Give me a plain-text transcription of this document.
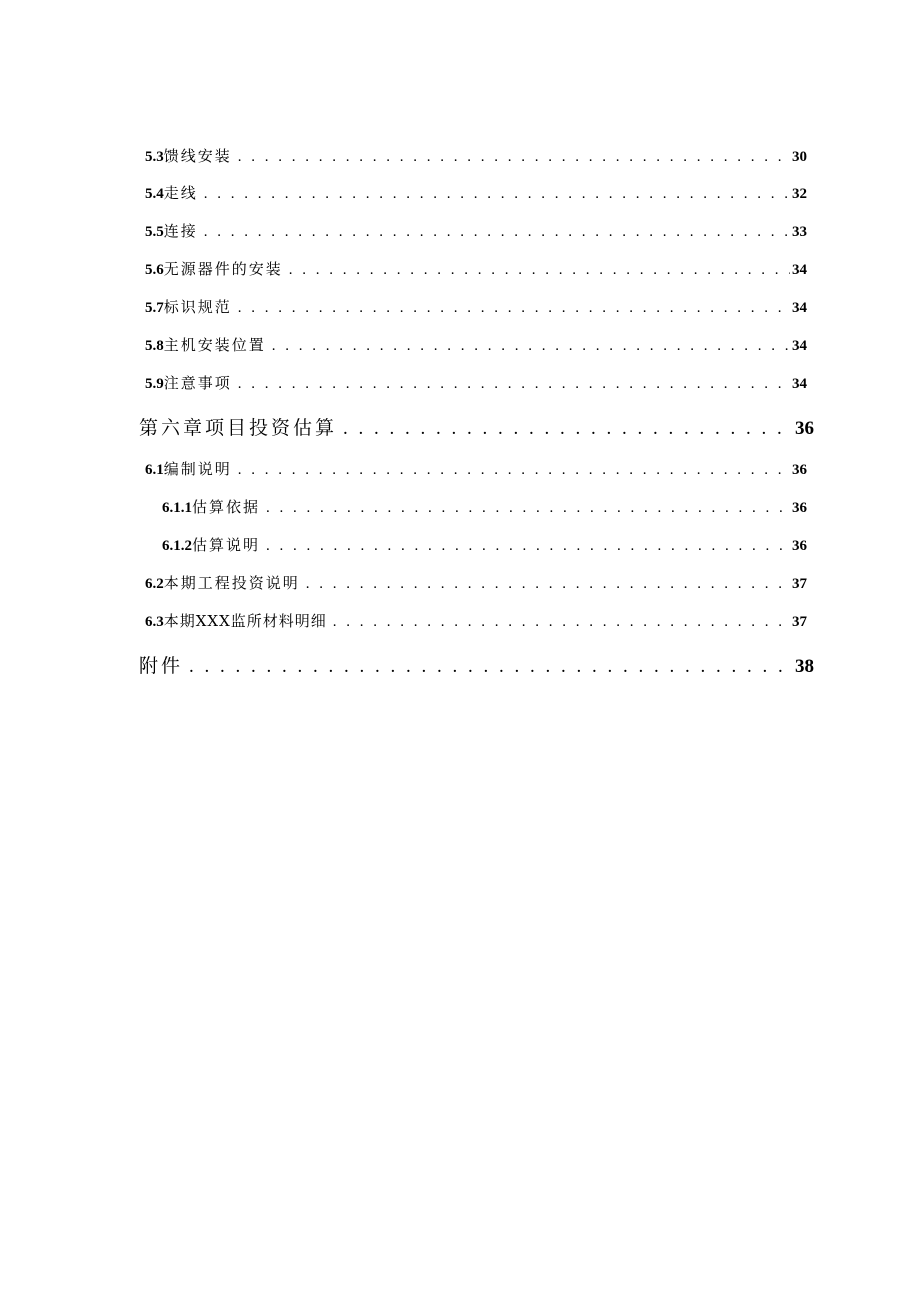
5.3 馈线安装 . . .	30
5.4 走线 . . .	32
5.5 连接 . . .	33
5.6 无源器件的安装 . . .	34
5.7 标识规范 . . .	34
5.8 主机安装位置 . . .	34
5.9 注意事项 . . .	34
第六章项目投资估算 . . .	36
6.1 编制说明 . . .	36
6.1.1 估算依据 . . .	36
6.1.2 估算说明 . . .	36
6.2 本期工程投资说明 . . .	37
6.3 本期XXX监所材料明细 . . .	37
附件 . . .	38
